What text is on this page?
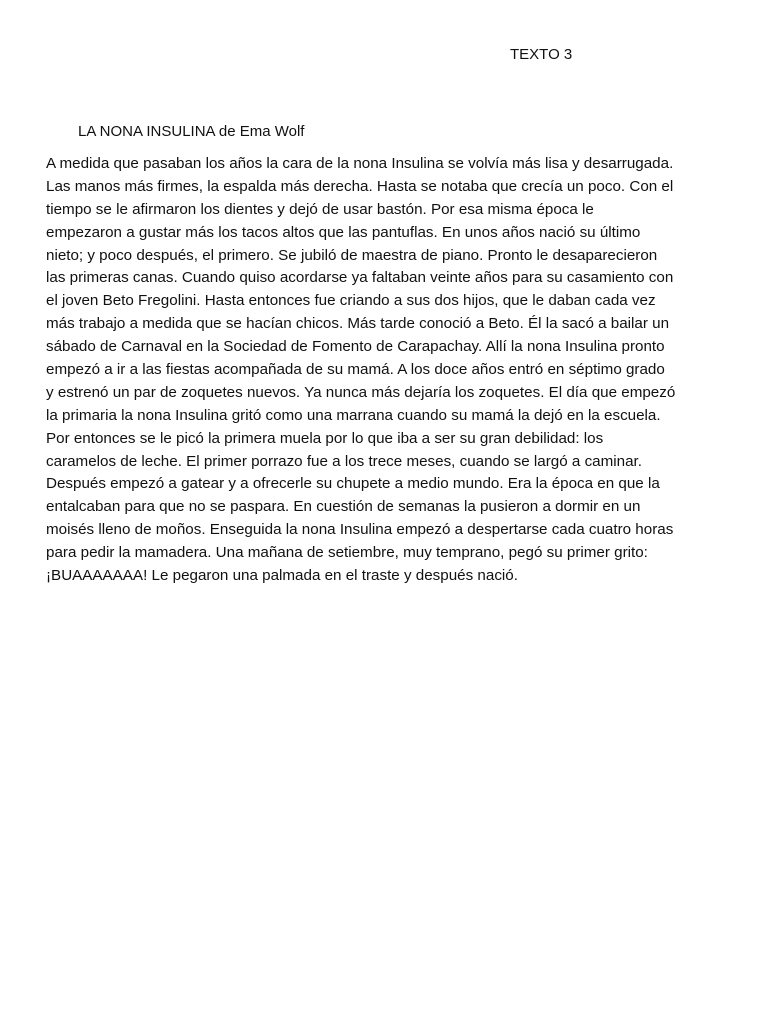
TEXTO 3
LA NONA INSULINA de Ema Wolf
A medida que pasaban los años la cara de la nona Insulina se volvía más lisa y desarrugada.
Las manos más firmes, la espalda más derecha. Hasta se notaba que crecía un poco. Con el
tiempo se le afirmaron los dientes y dejó de usar bastón. Por esa misma época le
empezaron a gustar más los tacos altos que las pantuflas. En unos años nació su último
nieto; y poco después, el primero. Se jubiló de maestra de piano. Pronto le desaparecieron
las primeras canas. Cuando quiso acordarse ya faltaban veinte años para su casamiento con
el joven Beto Fregolini. Hasta entonces fue criando a sus dos hijos, que le daban cada vez
más trabajo a medida que se hacían chicos. Más tarde conoció a Beto. Él la sacó a bailar un
sábado de Carnaval en la Sociedad de Fomento de Carapachay. Allí la nona Insulina pronto
empezó a ir a las fiestas acompañada de su mamá. A los doce años entró en séptimo grado
y estrenó un par de zoquetes nuevos. Ya nunca más dejaría los zoquetes. El día que empezó
la primaria la nona Insulina gritó como una marrana cuando su mamá la dejó en la escuela.
Por entonces se le picó la primera muela por lo que iba a ser su gran debilidad: los
caramelos de leche. El primer porrazo fue a los trece meses, cuando se largó a caminar.
Después empezó a gatear y a ofrecerle su chupete a medio mundo. Era la época en que la
entalcaban para que no se paspara. En cuestión de semanas la pusieron a dormir en un
moisés lleno de moños. Enseguida la nona Insulina empezó a despertarse cada cuatro horas
para pedir la mamadera. Una mañana de setiembre, muy temprano, pegó su primer grito:
¡BUAAAAAAA! Le pegaron una palmada en el traste y después nació.
